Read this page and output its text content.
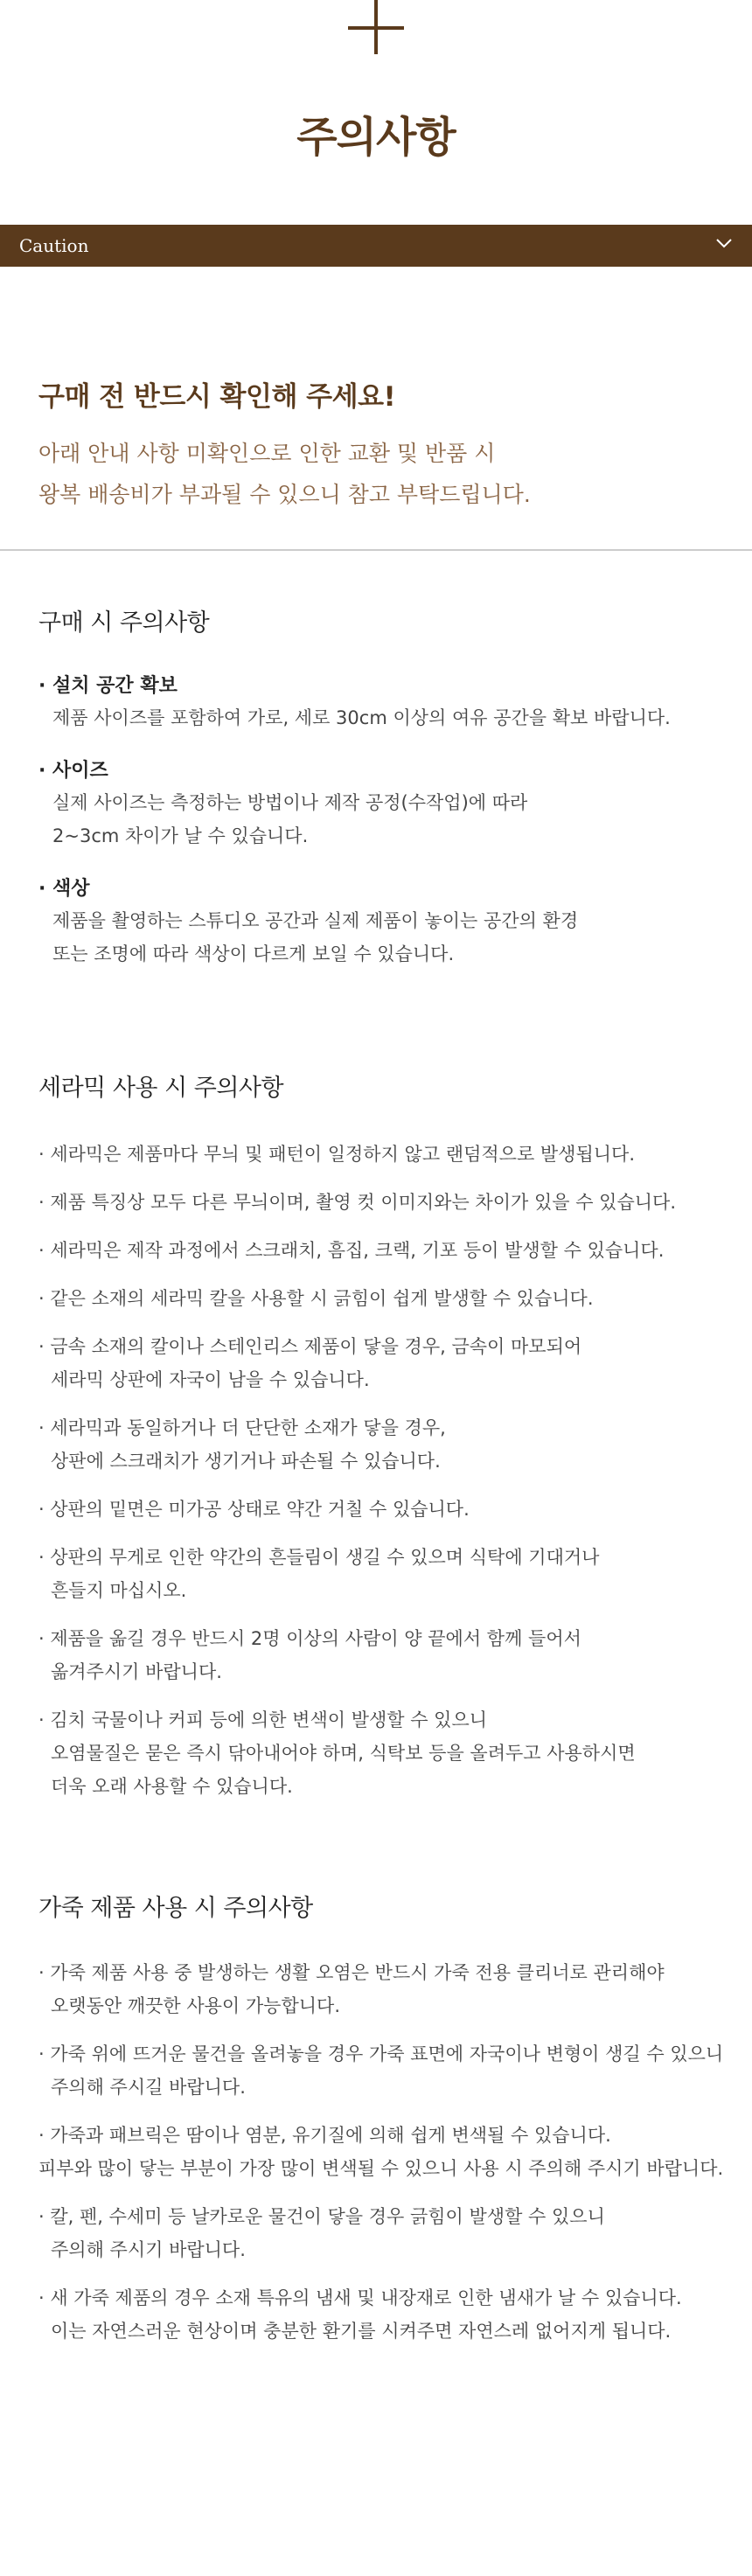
주의사항
Caution

구매 전 반드시 확인해 주세요!

아래 안내 사항 미확인으로 인한 교환 및 반품 시

왕복 배송비가 부과될 수 있으니 참고 부탁드립니다.

구매 시 주의사항

· 설치 공간 확보

제품 사이즈를 포함하여 가로, 세로 30cm 이상의 여유 공간을 확보 바랍니다.

· 사이즈

실제 사이즈는 측정하는 방법이나 제작 공정(수작업)에 따라

2~3cm 차이가 날 수 있습니다.

· 색상

제품을 촬영하는 스튜디오 공간과 실제 제품이 놓이는 공간의 환경

또는 조명에 따라 색상이 다르게 보일 수 있습니다.

세라믹 사용 시 주의사항

· 세라믹은 제품마다 무늬 및 패턴이 일정하지 않고 랜덤적으로 발생됩니다.

· 제품 특징상 모두 다른 무늬이며, 촬영 컷 이미지와는 차이가 있을 수 있습니다.

· 세라믹은 제작 과정에서 스크래치, 흠집, 크랙, 기포 등이 발생할 수 있습니다.

· 같은 소재의 세라믹 칼을 사용할 시 긁힘이 쉽게 발생할 수 있습니다.

· 금속 소재의 칼이나 스테인리스 제품이 닿을 경우, 금속이 마모되어

세라믹 상판에 자국이 남을 수 있습니다.

· 세라믹과 동일하거나 더 단단한 소재가 닿을 경우,

상판에 스크래치가 생기거나 파손될 수 있습니다.

· 상판의 밑면은 미가공 상태로 약간 거칠 수 있습니다.

· 상판의 무게로 인한 약간의 흔들림이 생길 수 있으며 식탁에 기대거나

흔들지 마십시오.

· 제품을 옮길 경우 반드시 2명 이상의 사람이 양 끝에서 함께 들어서

옮겨주시기 바랍니다.

· 김치 국물이나 커피 등에 의한 변색이 발생할 수 있으니

오염물질은 묻은 즉시 닦아내어야 하며, 식탁보 등을 올려두고 사용하시면

더욱 오래 사용할 수 있습니다.

가죽 제품 사용 시 주의사항

· 가죽 제품 사용 중 발생하는 생활 오염은 반드시 가죽 전용 클리너로 관리해야

오랫동안 깨끗한 사용이 가능합니다.

· 가죽 위에 뜨거운 물건을 올려놓을 경우 가죽 표면에 자국이나 변형이 생길 수 있으니

주의해 주시길 바랍니다.

· 가죽과 패브릭은 땀이나 염분, 유기질에 의해 쉽게 변색될 수 있습니다.

피부와 많이 닿는 부분이 가장 많이 변색될 수 있으니 사용 시 주의해 주시기 바랍니다.

· 칼, 펜, 수세미 등 날카로운 물건이 닿을 경우 긁힘이 발생할 수 있으니

주의해 주시기 바랍니다.

· 새 가죽 제품의 경우 소재 특유의 냄새 및 내장재로 인한 냄새가 날 수 있습니다.

이는 자연스러운 현상이며 충분한 환기를 시켜주면 자연스레 없어지게 됩니다.
